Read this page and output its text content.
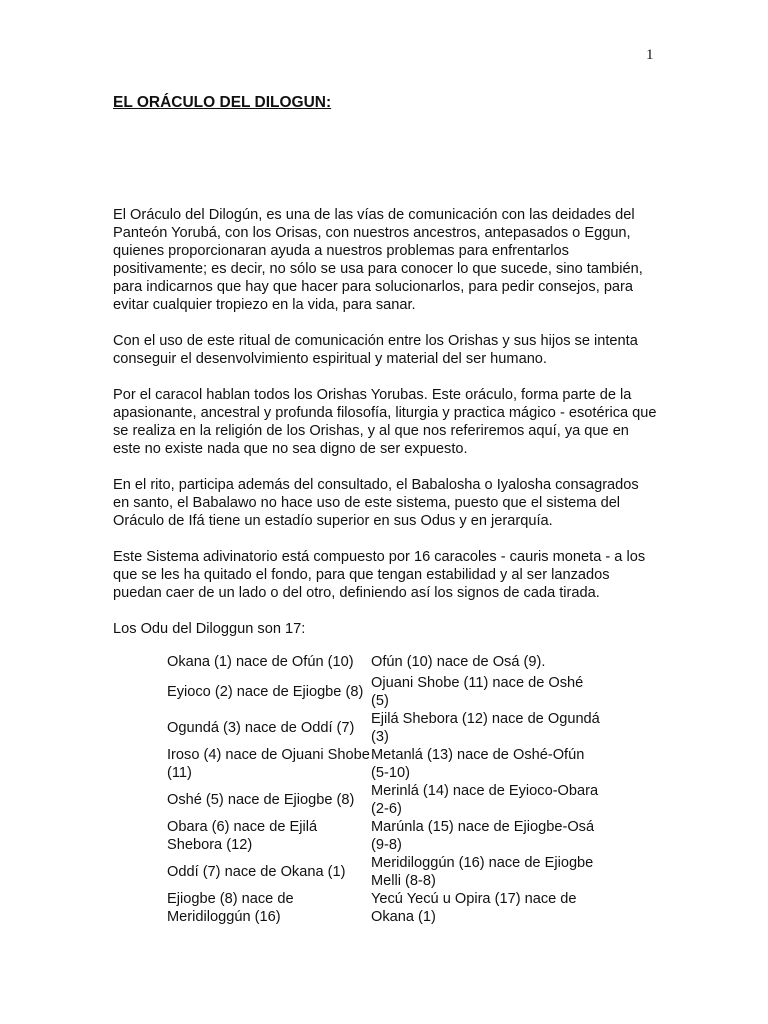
1
EL ORÁCULO DEL DILOGUN:

El Oráculo del Dilogún, es una de las vías de comunicación con las deidades del Panteón Yorubá, con los Orisas, con nuestros ancestros, antepasados o Eggun, quienes proporcionaran ayuda a nuestros problemas para enfrentarlos positivamente; es decir, no sólo se usa para conocer lo que sucede, sino también, para indicarnos que hay que hacer para solucionarlos, para pedir consejos, para evitar cualquier tropiezo en la vida, para sanar.

Con el uso de este ritual de comunicación entre los Orishas y sus hijos se intenta conseguir el desenvolvimiento espiritual y material del ser humano.

Por el caracol hablan todos los Orishas Yorubas. Este oráculo, forma parte de la apasionante, ancestral y profunda filosofía, liturgia y practica mágico - esotérica que se realiza en la religión de los Orishas, y al que nos referiremos aquí, ya que en este no existe nada que no sea digno de ser expuesto.

En el rito, participa además del consultado, el Babalosha o Iyalosha consagrados en santo, el Babalawo no hace uso de este sistema, puesto que el sistema del Oráculo de Ifá tiene un estadío superior en sus Odus y en jerarquía.

Este Sistema adivinatorio está compuesto por 16 caracoles - cauris moneta - a los que se les ha quitado el fondo, para que tengan estabilidad y al ser lanzados puedan caer de un lado o del otro, definiendo así los signos de cada tirada.

Los Odu del Diloggun son 17:

Okana (1) nace de Ofún (10)	Ofún (10) nace de Osá (9).
Eyioco (2) nace de Ejiogbe (8)	Ojuani Shobe (11) nace de Oshé (5)
Ogundá (3) nace de Oddí (7)	Ejilá Shebora (12) nace de Ogundá (3)
Iroso (4) nace de Ojuani Shobe (11)	Metanlá (13) nace de Oshé-Ofún (5-10)
Oshé (5) nace de Ejiogbe (8)	Merinlá (14) nace de Eyioco-Obara (2-6)
Obara (6) nace de Ejilá Shebora (12)	Marúnla (15) nace de Ejiogbe-Osá (9-8)
Oddí (7) nace de Okana (1)	Meridiloggún (16) nace de Ejiogbe Melli (8-8)
Ejiogbe (8) nace de Meridiloggún (16)	Yecú Yecú u Opira (17) nace de Okana (1)
